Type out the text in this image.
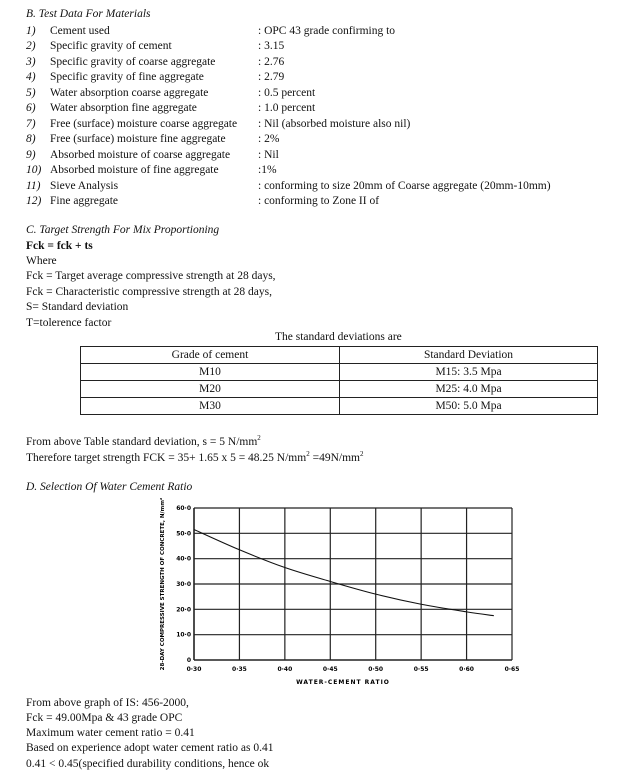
B. Test Data For Materials
1) Cement used	: OPC 43 grade confirming to
2) Specific gravity of cement	: 3.15
3) Specific gravity of coarse aggregate	: 2.76
4) Specific gravity of fine aggregate	: 2.79
5) Water absorption coarse aggregate	: 0.5 percent
6) Water absorption fine aggregate	: 1.0 percent
7) Free (surface) moisture coarse aggregate : Nil (absorbed moisture also nil)
8) Free (surface) moisture fine aggregate	: 2%
9) Absorbed moisture of coarse aggregate : Nil
10) Absorbed moisture of fine aggregate	:1%
11) Sieve Analysis	: conforming to size 20mm of Coarse aggregate (20mm-10mm)
12) Fine aggregate	: conforming to Zone II of
C. Target Strength For Mix Proportioning
Fck = fck + ts
Where
Fck = Target average compressive strength at 28 days,
Fck = Characteristic compressive strength at 28 days,
S= Standard deviation
T=tolerence factor
The standard deviations are
Grade of cement	Standard Deviation
M10	M15: 3.5 Mpa
M20	M25: 4.0 Mpa
M30	M50: 5.0 Mpa
From above Table standard deviation, s = 5 $N/mm^2$
Therefore target strength FCK = 35+ 1.65 x 5 = 48.25 $N/mm^2 =49N/mm^2$
D. Selection Of Water Cement Ratio
0·30	0·35	0·40	0·45	0·50	0·55	0·60	0·65
0
10·0
20·0
30·0
40·0
50·0
60·0
WATER-CEMENT RATIO
28-DAY COMPRESSIVE STRENGTH OF CONCRETE, N/mm²
From above graph of IS: 456-2000,
Fck = 49.00Mpa & 43 grade OPC
Maximum water cement ratio = 0.41
Based on experience adopt water cement ratio as 0.41
0.41 < 0.45(specified durability conditions, hence ok
